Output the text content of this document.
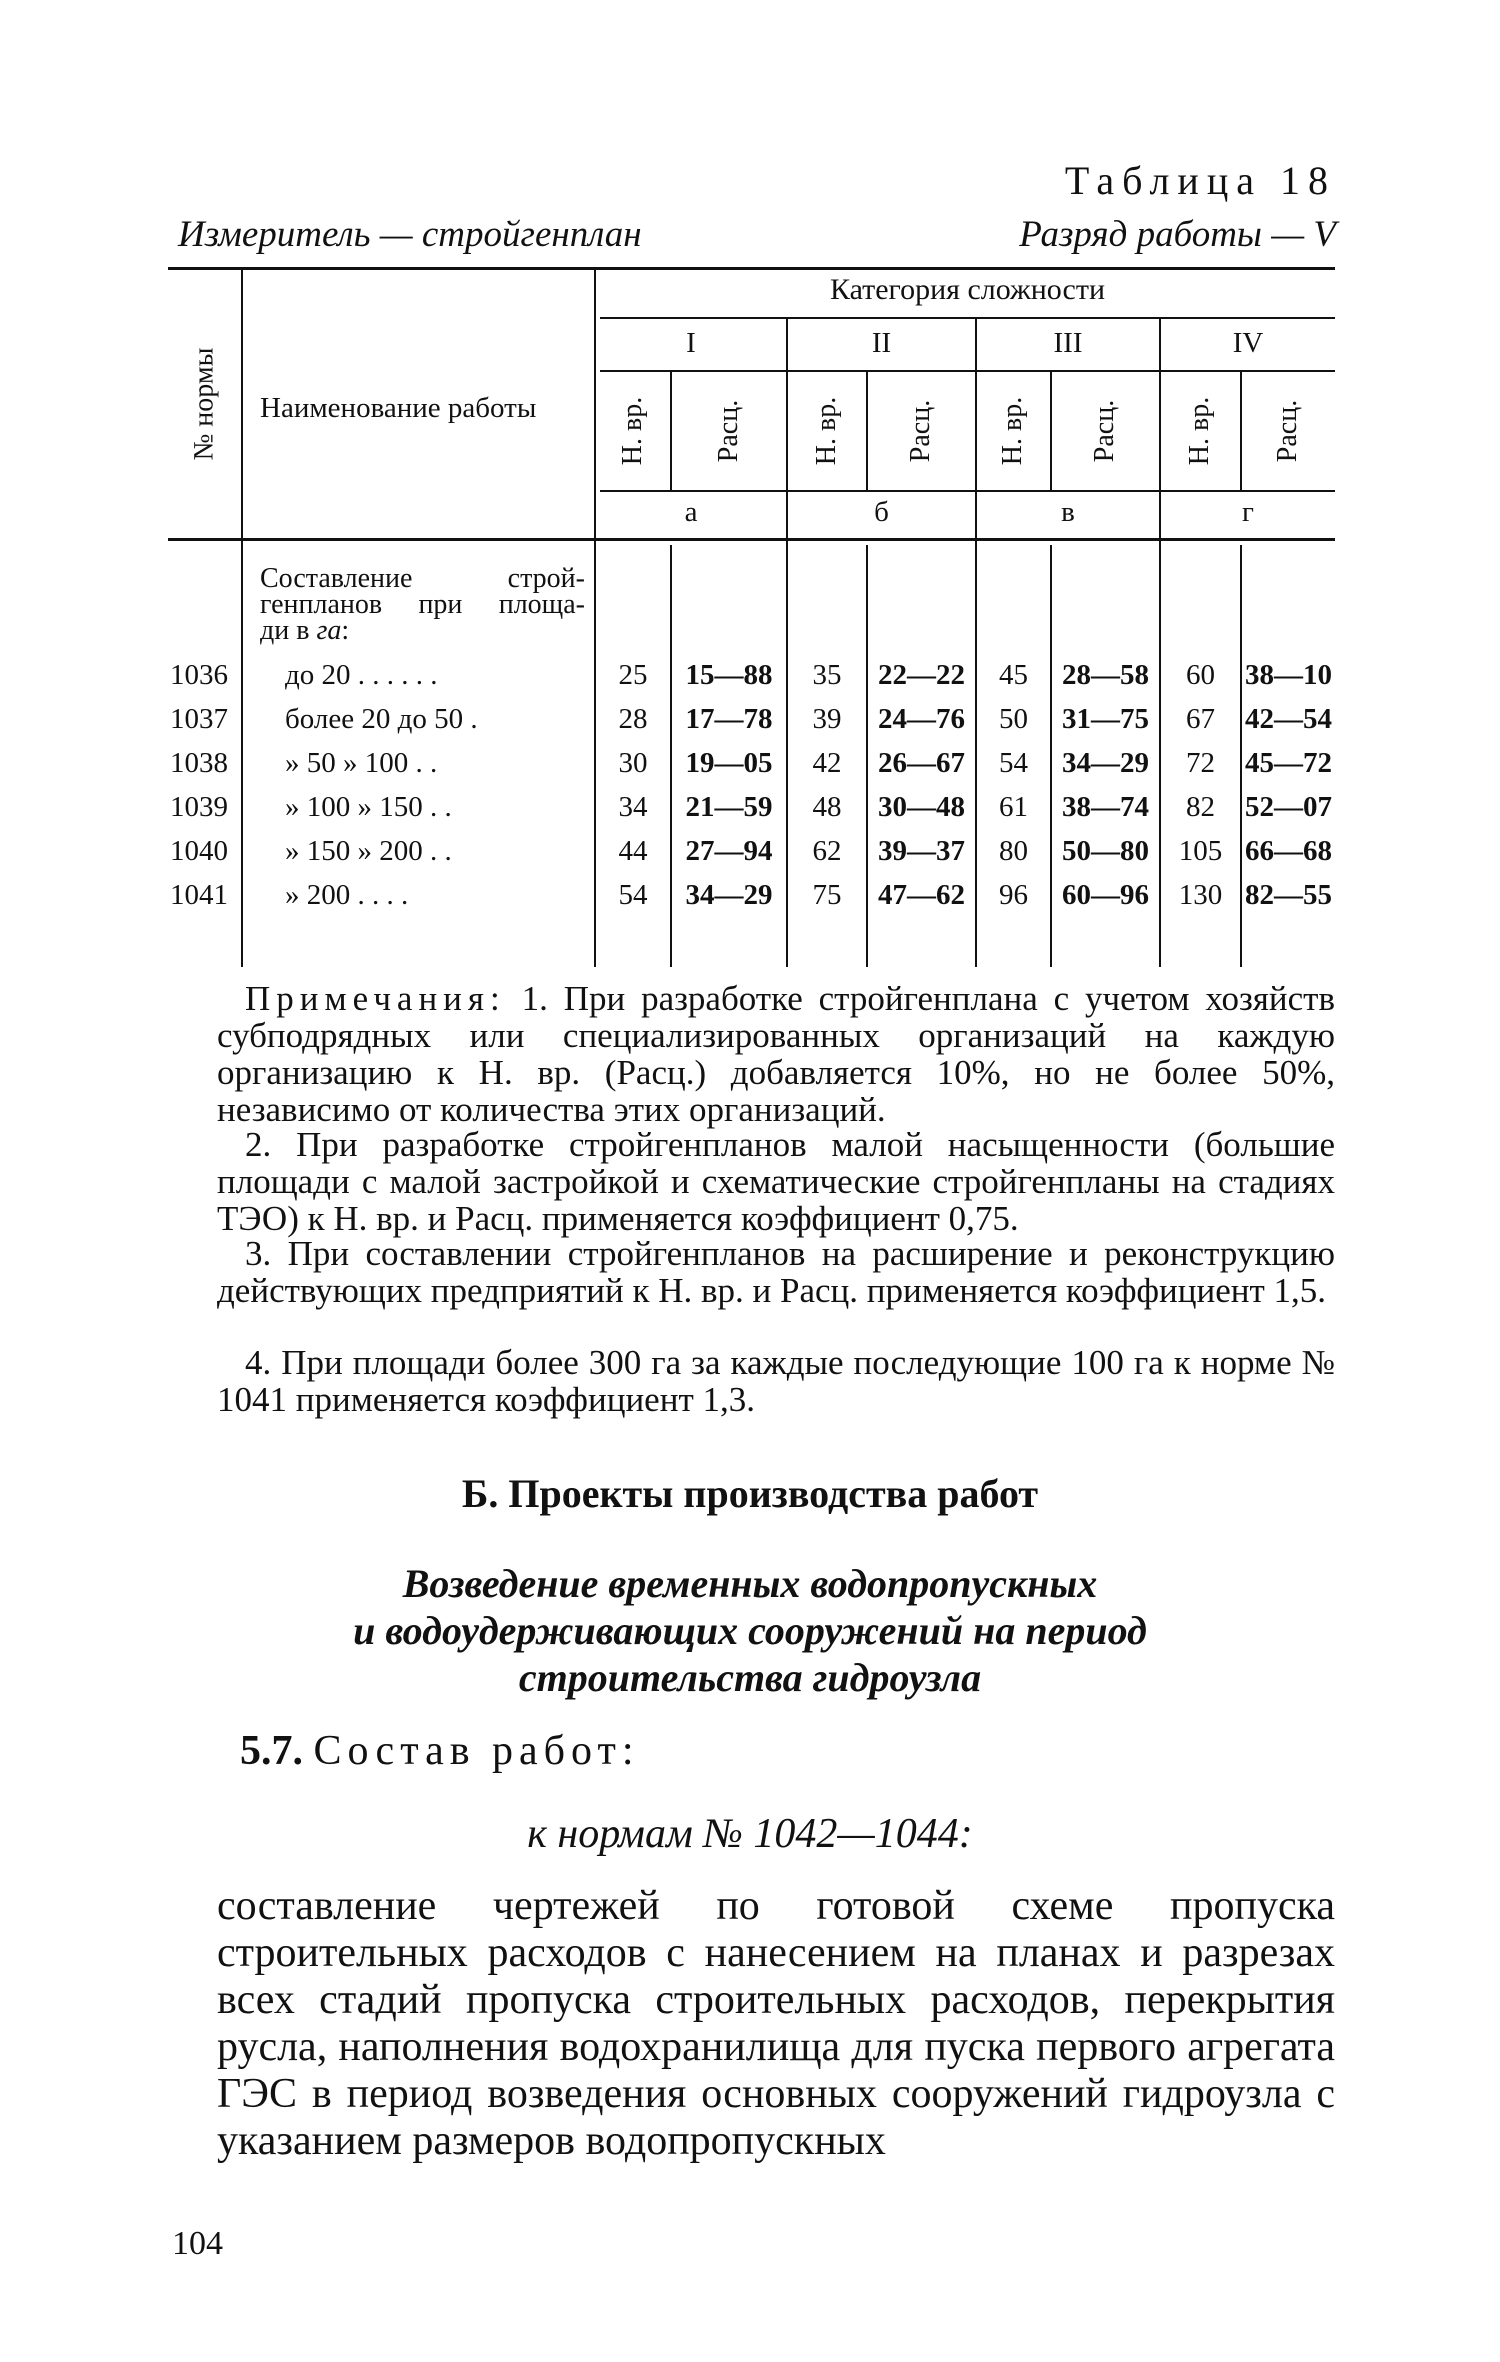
Таблица 18
Измеритель — стройгенплан	Разряд работы — V
№ нормы Наименование работы
Категория сложности
I	II	III	IV
Н. вр. Расц. Н. вр. Расц. Н. вр. Расц. Н. вр. Расц.
а	б	в	г
Составление строй-
генпланов при площа-
ди в га:
1036 до 20 . . . . . .	25	15—88	35	22—22	45	28—58	60	38—10
1037 более 20 до 50 .	28	17—78	39	24—76	50	31—75	67	42—54
1038 » 50 » 100 . .	30	19—05	42	26—67	54	34—29	72	45—72
1039 » 100 » 150 . .	34	21—59	48	30—48	61	38—74	82	52—07
1040 » 150 » 200 . .	44	27—94	62	39—37	80	50—80	105 66—68
1041 » 200 . . . .	54	34—29	75	47—62	96	60—96	130 82—55
Примечания: 1. При разработке стройгенплана с учетом хозяйств субподрядных или специализированных организаций на каждую организацию к Н. вр. (Расц.) добавляется 10%, но не более 50%, независимо от количества этих организаций.
2. При разработке стройгенпланов малой насыщенности (большие площади с малой застройкой и схематические стройгенпланы на стадиях ТЭО) к Н. вр. и Расц. применяется коэффициент 0,75.
3. При составлении стройгенпланов на расширение и реконструкцию действующих предприятий к Н. вр. и Расц. применяется коэффициент 1,5.
4. При площади более 300 га за каждые последующие 100 га к норме № 1041 применяется коэффициент 1,3.
Б. Проекты производства работ
Возведение временных водопропускных
и водоудерживающих сооружений на период
строительства гидроузла
5.7. Состав работ:
к нормам № 1042—1044:
составление чертежей по готовой схеме пропуска строительных расходов с нанесением на планах и разрезах всех стадий пропуска строительных расходов, перекрытия русла, наполнения водохранилища для пуска первого агрегата ГЭС в период возведения основных сооружений гидроузла с указанием размеров водопропускных
104
